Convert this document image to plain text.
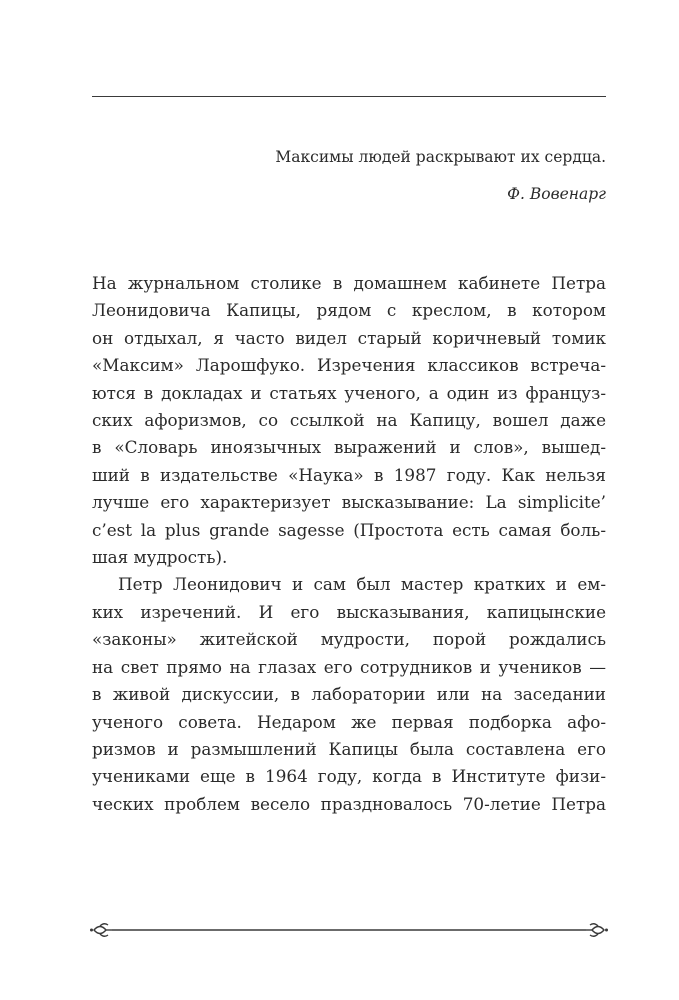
Максимы людей раскрывают их сердца.

Ф. Вовенарг

На журнальном столике в домашнем кабинете Петра
Леонидовича Капицы, рядом с креслом, в котором
он отдыхал, я часто видел старый коричневый томик
«Максим» Ларошфуко. Изречения классиков встреча-
ются в докладах и статьях ученого, а один из француз-
ских афоризмов, со ссылкой на Капицу, вошел даже
в «Словарь иноязычных выражений и слов», вышед-
ший в издательстве «Наука» в 1987 году. Как нельзя
лучше его характеризует высказывание: La simplicite’
c’est la plus grande sagesse (Простота есть самая боль-
шая мудрость).
Петр Леонидович и сам был мастер кратких и ем-
ких изречений. И его высказывания, капицынские
«законы» житейской мудрости, порой рождались
на свет прямо на глазах его сотрудников и учеников —
в живой дискуссии, в лаборатории или на заседании
ученого совета. Недаром же первая подборка афо-
ризмов и размышлений Капицы была составлена его
учениками еще в 1964 году, когда в Институте физи-
ческих проблем весело праздновалось 70-летие Петра
